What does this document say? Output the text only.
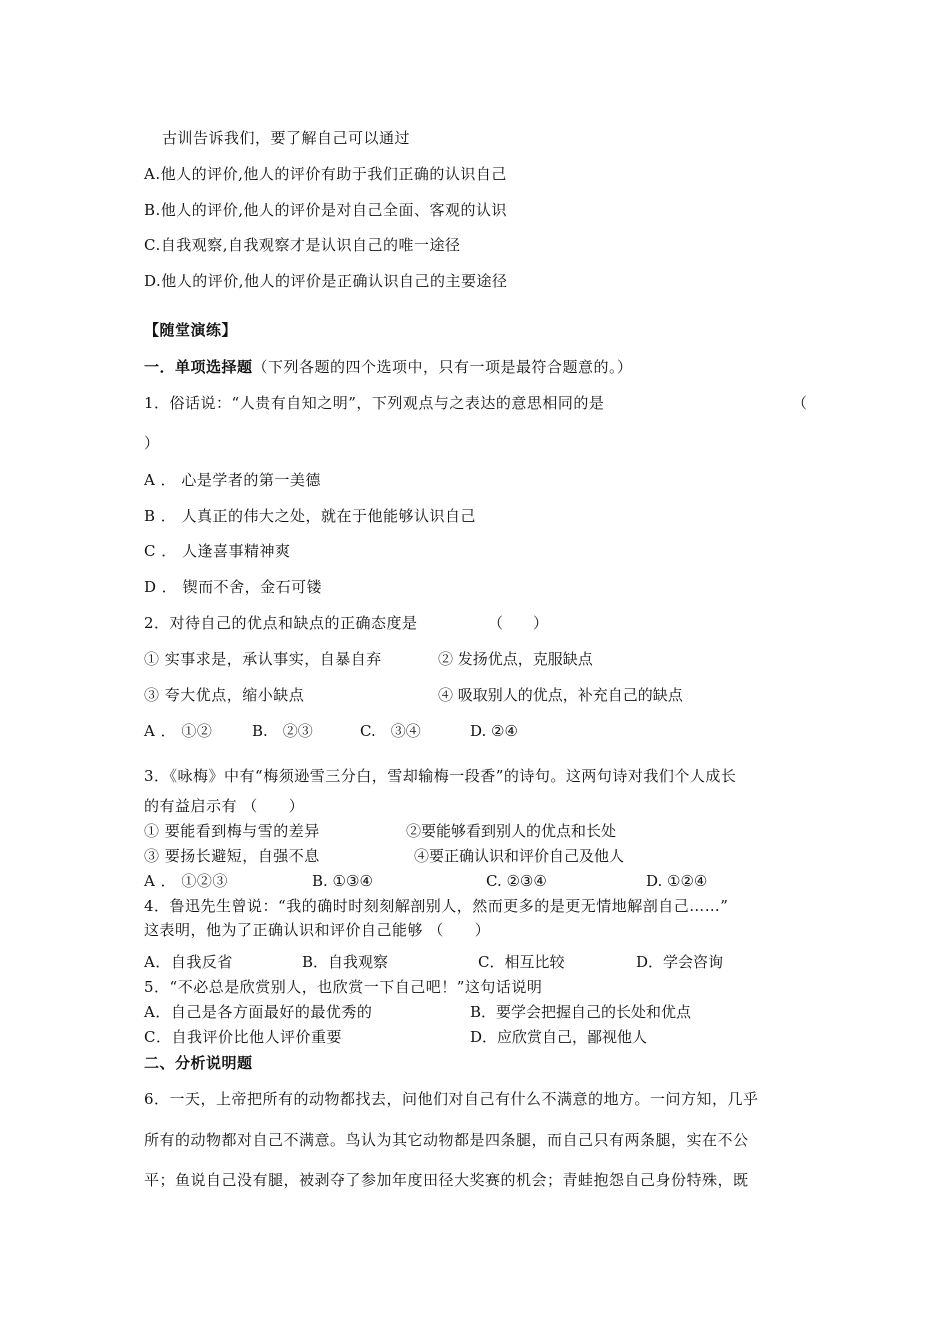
古训告诉我们，要了解自己可以通过
A.他人的评价,他人的评价有助于我们正确的认识自己
B.他人的评价,他人的评价是对自己全面、客观的认识
C.自我观察,自我观察才是认识自己的唯一途径
D.他人的评价,他人的评价是正确认识自己的主要途径
【随堂演练】
一．单项选择题（下列各题的四个选项中，只有一项是最符合题意的。）
1．俗话说：“人贵有自知之明”，下列观点与之表达的意思相同的是	（
）
A ． 心是学者的第一美德
B ． 人真正的伟大之处，就在于他能够认识自己
C ． 人逢喜事精神爽
D ． 锲而不舍，金石可镂
2．对待自己的优点和缺点的正确态度是	（　　）
① 实事求是，承认事实，自暴自弃	② 发扬优点，克服缺点
③ 夸大优点，缩小缺点	④ 吸取别人的优点，补充自己的缺点
A ． ①②	B.　②③	C.　③④	D. ②④
3．《咏梅》中有“梅须逊雪三分白，雪却输梅一段香”的诗句。这两句诗对我们个人成长
的有益启示有 （　　）
① 要能看到梅与雪的差异	②要能够看到别人的优点和长处
③ 要扬长避短，自强不息	④要正确认识和评价自己及他人
A ． ①②③	B. ①③④	C. ②③④	D. ①②④
4．鲁迅先生曾说：“我的确时时刻刻解剖别人，然而更多的是更无情地解剖自己……”
这表明，他为了正确认识和评价自己能够 （　　）
A．自我反省	B．自我观察	C．相互比较	D．学会咨询
5．“不必总是欣赏别人，也欣赏一下自己吧！”这句话说明
A．自己是各方面最好的最优秀的	B．要学会把握自己的长处和优点
C．自我评价比他人评价重要	D．应欣赏自己，鄙视他人
二、分析说明题
6．一天，上帝把所有的动物都找去，问他们对自己有什么不满意的地方。一问方知，几乎
所有的动物都对自己不满意。鸟认为其它动物都是四条腿，而自己只有两条腿，实在不公
平；鱼说自己没有腿，被剥夺了参加年度田径大奖赛的机会；青蛙抱怨自己身份特殊，既
